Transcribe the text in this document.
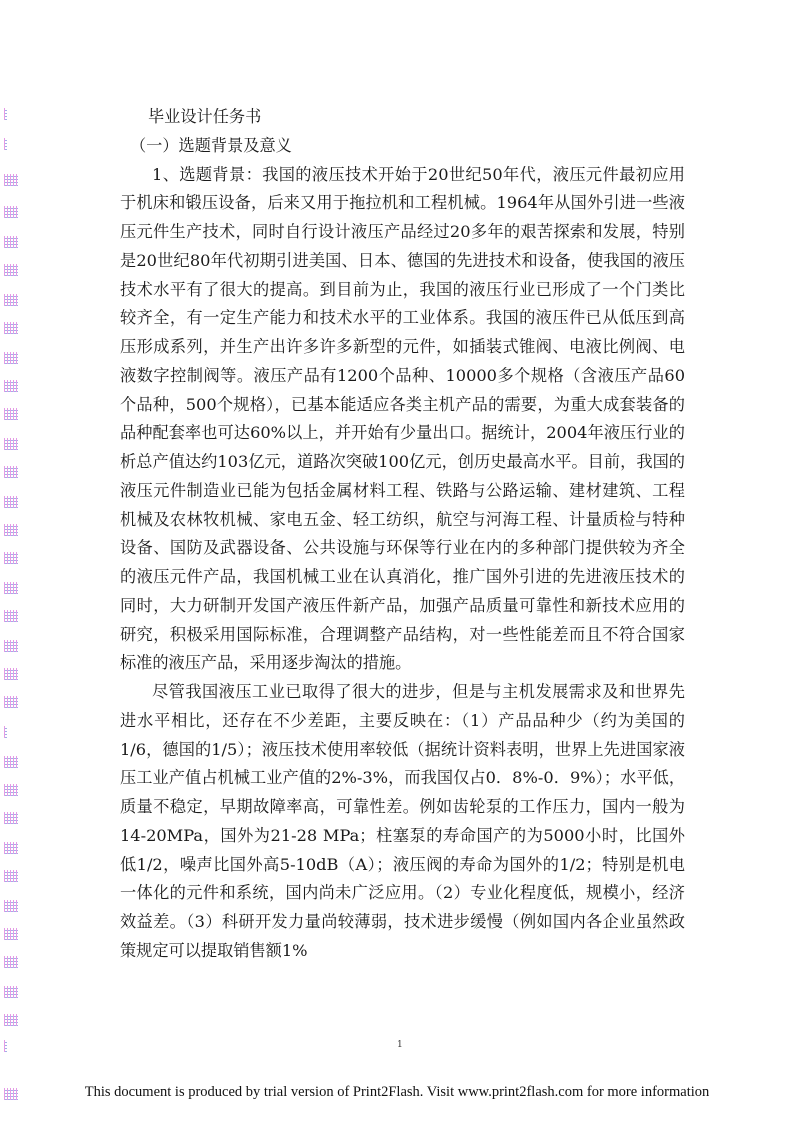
毕业设计任务书
（一）选题背景及意义

1、选题背景：我国的液压技术开始于20世纪50年代，液压元件最初应用于机床和锻压设备，后来又用于拖拉机和工程机械。1964年从国外引进一些液压元件生产技术，同时自行设计液压产品经过20多年的艰苦探索和发展，特别是20世纪80年代初期引进美国、日本、德国的先进技术和设备，使我国的液压技术水平有了很大的提高。到目前为止，我国的液压行业已形成了一个门类比较齐全，有一定生产能力和技术水平的工业体系。我国的液压件已从低压到高压形成系列，并生产出许多许多新型的元件，如插装式锥阀、电液比例阀、电液数字控制阀等。液压产品有1200个品种、10000多个规格（含液压产品60个品种，500个规格），已基本能适应各类主机产品的需要，为重大成套装备的品种配套率也可达60%以上，并开始有少量出口。据统计，2004年液压行业的析总产值达约103亿元，道路次突破100亿元，创历史最高水平。目前，我国的液压元件制造业已能为包括金属材料工程、铁路与公路运输、建材建筑、工程机械及农林牧机械、家电五金、轻工纺织，航空与河海工程、计量质检与特种设备、国防及武器设备、公共设施与环保等行业在内的多种部门提供较为齐全的液压元件产品，我国机械工业在认真消化，推广国外引进的先进液压技术的同时，大力研制开发国产液压件新产品，加强产品质量可靠性和新技术应用的研究，积极采用国际标准，合理调整产品结构，对一些性能差而且不符合国家标准的液压产品，采用逐步淘汰的措施。

尽管我国液压工业已取得了很大的进步，但是与主机发展需求及和世界先进水平相比，还存在不少差距，主要反映在：（1）产品品种少（约为美国的1/6，德国的1/5）；液压技术使用率较低（据统计资料表明，世界上先进国家液压工业产值占机械工业产值的2%-3%，而我国仅占0．8%-0．9%）；水平低，质量不稳定，早期故障率高，可靠性差。例如齿轮泵的工作压力，国内一般为14-20MPa，国外为21-28 MPa；柱塞泵的寿命国产的为5000小时，比国外低1/2，噪声比国外高5-10dB（A）；液压阀的寿命为国外的1/2；特别是机电一体化的元件和系统，国内尚未广泛应用。（2）专业化程度低，规模小，经济效益差。（3）科研开发力量尚较薄弱，技术进步缓慢（例如国内各企业虽然政策规定可以提取销售额1%

1
This document is produced by trial version of Print2Flash. Visit www.print2flash.com for more information
